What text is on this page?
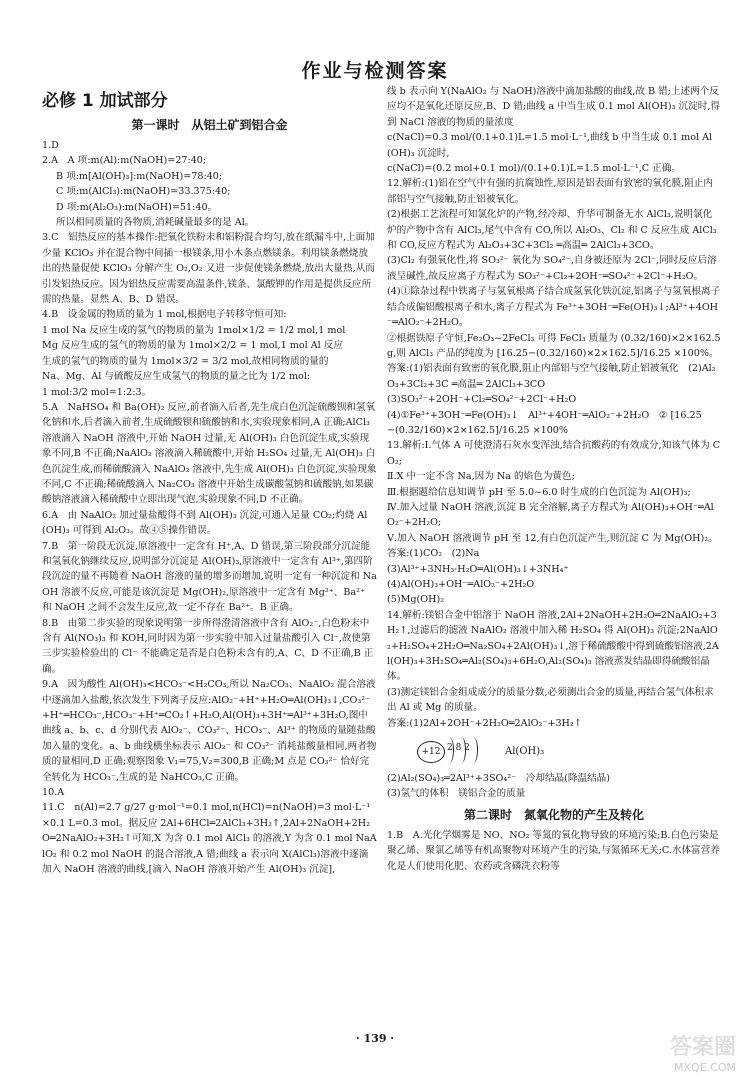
作业与检测答案
必修 1 加试部分
第一课时　从铝土矿到铝合金

1.D

2.A　A 项:m(Al):m(NaOH)=27:40;

B 项:m[Al(OH)₃]:m(NaOH)=78:40;

C 项:m(AlCl₃):m(NaOH)=33.375:40;

D 项:m(Al₂O₃):m(NaOH)=51:40。

所以相同质量的各物质,消耗碱量最多的是 Al。

3.C　铝热反应的基本操作:把氧化铁粉末和铝粉混合均匀,放在纸漏斗中,上面加少量 KClO₃ 并在混合物中间插一根镁条,用小木条点燃镁条。利用镁条燃烧放出的热量促使 KClO₃ 分解产生 O₂,O₂ 又进一步促使镁条燃烧,放出大量热,从而引发铝热反应。因为铝热反应需要高温条件,镁条、氯酸钾的作用是提供反应所需的热量。显然 A、B、D 错误。

4.B　设金属的物质的量为 1 mol,根据电子转移守恒可知:

1 mol Na 反应生成的氢气的物质的量为 1mol×1/2 = 1/2 mol,1 mol

Mg 反应生成的氢气的物质的量为 1mol×2/2 = 1 mol,1 mol Al 反应

生成的氢气的物质的量为 1mol×3/2 = 3/2 mol,故相同物质的量的

Na、Mg、Al 与硫酸反应生成氢气的物质的量之比为 1/2 mol:

1 mol:3/2 mol=1:2:3。

5.A　NaHSO₄ 和 Ba(OH)₂ 反应,前者滴入后者,先生成白色沉淀硫酸钡和氢氧化钠和水,后者滴入前者,生成硫酸钡和硫酸钠和水,实验现象相同,A 正确;AlCl₃ 溶液滴入 NaOH 溶液中,开始 NaOH 过量,无 Al(OH)₃ 白色沉淀生成,实验现象不同,B 不正确;NaAlO₂ 溶液滴入稀硫酸中,开始 H₂SO₄ 过量,无 Al(OH)₃ 白色沉淀生成,而稀硫酸滴入 NaAlO₂ 溶液中,先生成 Al(OH)₃ 白色沉淀,实验现象不同,C 不正确;稀硫酸滴入 Na₂CO₃ 溶液中开始生成碳酸氢钠和硫酸钠,如果碳酸钠溶液滴入稀硫酸中立即出现气泡,实验现象不同,D 不正确。

6.A　由 NaAlO₂ 加过量盐酸得不到 Al(OH)₃ 沉淀,可通入足量 CO₂;灼烧 Al(OH)₃ 可得到 Al₂O₃。故④⑤操作错误。

7.B　第一阶段无沉淀,原溶液中一定含有 H⁺,A、D 错误,第三阶段部分沉淀能和氢氧化钠继续反应,说明部分沉淀是 Al(OH)₃,原溶液中一定含有 Al³⁺,第四阶段沉淀的量不再随着 NaOH 溶液的量的增多而增加,说明一定有一种沉淀和 NaOH 溶液不反应,可能是该沉淀是 Mg(OH)₂,原溶液中一定含有 Mg²⁺、Ba²⁺ 和 NaOH 之间不会发生反应,故一定不存在 Ba²⁺。B 正确。

8.B　由第二步实验的现象说明第一步所得澄清溶液中含有 AlO₂⁻,白色粉末中含有 Al(NO₃)₃ 和 KOH,同时因为第一步实验中加入过量盐酸引入 Cl⁻,故使第三步实验检验出的 Cl⁻ 不能确定是否是白色粉末含有的,A、C、D 不正确,B 正确。

9.A　因为酸性 Al(OH)₃<HCO₃⁻<H₂CO₃,所以 Na₂CO₃、NaAlO₂ 混合溶液中逐滴加入盐酸,依次发生下列离子反应:AlO₂⁻+H⁺+H₂O═Al(OH)₃↓,CO₃²⁻+H⁺═HCO₃⁻,HCO₃⁻+H⁺═CO₂↑+H₂O,Al(OH)₃+3H⁺═Al³⁺+3H₂O,图中曲线 a、b、c、d 分别代表 AlO₂⁻、CO₃²⁻、HCO₃⁻、Al³⁺ 的物质的量随盐酸加入量的变化。a、b 曲线横坐标表示 AlO₂⁻ 和 CO₃²⁻ 消耗盐酸量相同,两者物质的量相同,D 正确;观察图象 V₁=75,V₂=300,B 正确;M 点是 CO₃²⁻ 恰好完全转化为 HCO₃⁻,生成的是 NaHCO₃,C 正确。

10.A

11.C　n(Al)=2.7 g/27 g·mol⁻¹=0.1 mol,n(HCl)=n(NaOH)=3 mol·L⁻¹×0.1 L=0.3 mol。据反应 2Al+6HCl═2AlCl₃+3H₂↑,2Al+2NaOH+2H₂O═2NaAlO₂+3H₂↑可知,X 为含 0.1 mol AlCl₃ 的溶液,Y 为含 0.1 mol NaAlO₂ 和 0.2 mol NaOH 的混合溶液,A 错;曲线 a 表示向 X(AlCl₃)溶液中逐滴加入 NaOH 溶液的曲线,[滴入 NaOH 溶液开始产生 Al(OH)₃ 沉淀],

线 b 表示向 Y(NaAlO₂ 与 NaOH)溶液中滴加盐酸的曲线,故 B 错;上述两个反应均不是氧化还原反应,B、D 错;曲线 a 中当生成 0.1 mol Al(OH)₃ 沉淀时,得到 NaCl 溶液的物质的量浓度

c(NaCl)=0.3 mol/(0.1+0.1)L=1.5 mol·L⁻¹,曲线 b 中当生成 0.1 mol Al(OH)₃ 沉淀时,

c(NaCl)=(0.2 mol+0.1 mol)/(0.1+0.1)L=1.5 mol·L⁻¹,C 正确。

12.解析:(1)铝在空气中有强的抗腐蚀性,原因是铝表面有致密的氧化膜,阻止内部铝与空气接触,防止铝被氧化。

(2)根据工艺流程可知氯化炉的产物,经冷却、升华可制备无水 AlCl₃,说明氯化炉的产物中含有 AlCl₃,尾气中含有 CO,所以 Al₂O₃、Cl₂ 和 C 反应生成 AlCl₃ 和 CO,反应方程式为 Al₂O₃+3C+3Cl₂ ═高温═ 2AlCl₃+3CO。

(3)Cl₂ 有强氧化性,将 SO₃²⁻ 氧化为 SO₄²⁻,自身被还原为 2Cl⁻,同时反应后溶液呈碱性,故反应离子方程式为 SO₃²⁻+Cl₂+2OH⁻═SO₄²⁻+2Cl⁻+H₂O。

(4)①除杂过程中铁离子与氢氧根离子结合成氢氧化铁沉淀,铝离子与氢氧根离子结合成偏铝酸根离子和水,离子方程式为 Fe³⁺+3OH⁻═Fe(OH)₃↓;Al³⁺+4OH⁻═AlO₂⁻+2H₂O。

②根据铁原子守恒,Fe₂O₃~2FeCl₃ 可得 FeCl₃ 质量为 (0.32/160)×2×162.5 g,则 AlCl₃ 产品的纯度为 [16.25−(0.32/160)×2×162.5]/16.25 ×100%。

答案:(1)铝表面有致密的氧化膜,阻止内部铝与空气接触,防止铝被氧化　(2)Al₂O₃+3Cl₂+3C ═高温═ 2AlCl₃+3CO

(3)SO₃²⁻+2OH⁻+Cl₂═SO₄²⁻+2Cl⁻+H₂O

(4)①Fe³⁺+3OH⁻═Fe(OH)₃↓　Al³⁺+4OH⁻═AlO₂⁻+2H₂O　② [16.25−(0.32/160)×2×162.5]/16.25 ×100%

13.解析:Ⅰ.气体 A 可使澄清石灰水变浑浊,结合抗酸药的有效成分,知该气体为 CO₂;

Ⅱ.X 中一定不含 Na,因为 Na 的焰色为黄色;

Ⅲ.根据题给信息知调节 pH 至 5.0~6.0 时生成的白色沉淀为 Al(OH)₃;

Ⅳ.加入过量 NaOH 溶液,沉淀 B 完全溶解,离子方程式为 Al(OH)₃+OH⁻═AlO₂⁻+2H₂O;

Ⅴ.加入 NaOH 溶液调节 pH 至 12,有白色沉淀产生,则沉淀 C 为 Mg(OH)₂。

答案:(1)CO₂　(2)Na

(3)Al³⁺+3NH₃·H₂O═Al(OH)₃↓+3NH₄⁺

(4)Al(OH)₃+OH⁻═AlO₂⁻+2H₂O

(5)Mg(OH)₂

14.解析:镁铝合金中铝溶于 NaOH 溶液,2Al+2NaOH+2H₂O═2NaAlO₂+3H₂↑,过滤后的滤液 NaAlO₂ 溶液中加入稀 H₂SO₄ 得 Al(OH)₃ 沉淀;2NaAlO₂+H₂SO₄+2H₂O═Na₂SO₄+2Al(OH)₃↓,溶于稀硫酸酸中得到硫酸铝溶液,2Al(OH)₃+3H₂SO₄═Al₂(SO₄)₃+6H₂O,Al₂(SO₄)₃ 溶液蒸发结晶即得硫酸铝晶体。

(3)测定镁铝合金组成成分的质量分数,必须测出合金的质量,再结合氢气体积求出 Al 或 Mg 的质量。

答案:(1)2Al+2OH⁻+2H₂O═2AlO₂⁻+3H₂↑

+12 2 8 2	Al(OH)₃

(2)Al₂(SO₄)₃═2Al³⁺+3SO₄²⁻　冷却结晶(降温结晶)

(3)氢气的体积　镁铝合金的质量

第二课时　氮氧化物的产生及转化

1.B　A.光化学烟雾是 NO、NO₂ 等氮的氧化物导致的环境污染;B.白色污染是聚乙烯、聚氯乙烯等有机高聚物对环境产生的污染,与氮循环无关;C.水体富营养化是人们使用化肥、农药或含磷洗衣粉等

· 139 ·	答案圈
MXQE.COM
